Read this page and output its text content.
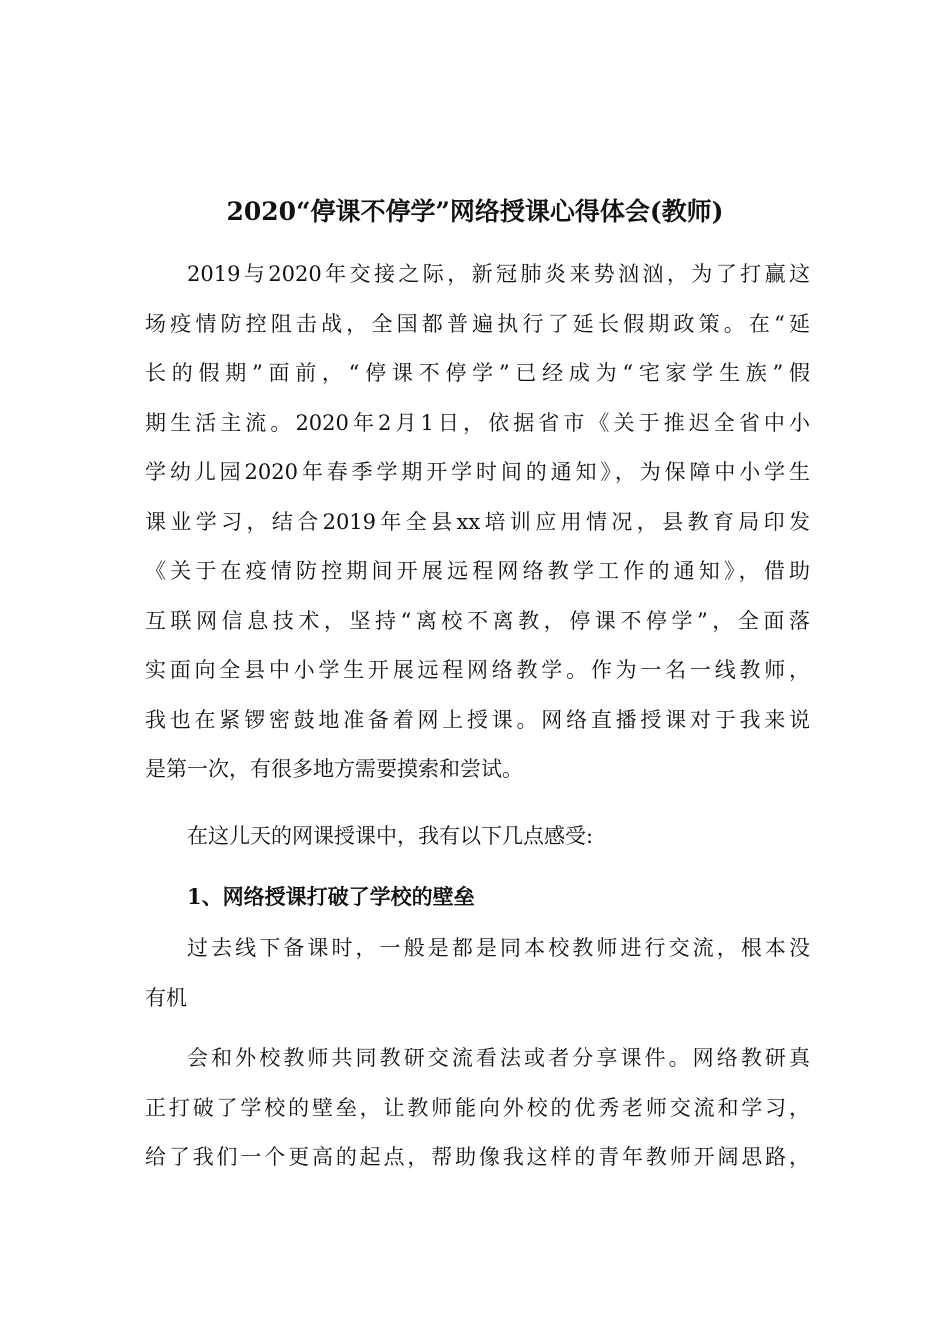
2020“停课不停学”网络授课心得体会(教师)
2019与2020年交接之际，新冠肺炎来势汹汹，为了打赢这
场疫情防控阻击战，全国都普遍执行了延长假期政策。在“延
长的假期”面前，“停课不停学”已经成为“宅家学生族”假
期生活主流。2020年2月1日，依据省市《关于推迟全省中小
学幼儿园2020年春季学期开学时间的通知》，为保障中小学生
课业学习，结合2019年全县xx培训应用情况，县教育局印发
《关于在疫情防控期间开展远程网络教学工作的通知》，借助
互联网信息技术，坚持“离校不离教，停课不停学”，全面落
实面向全县中小学生开展远程网络教学。作为一名一线教师，
我也在紧锣密鼓地准备着网上授课。网络直播授课对于我来说
是第一次，有很多地方需要摸索和尝试。

在这儿天的网课授课中，我有以下几点感受:

1、网络授课打破了学校的壁垒
过去线下备课时，一般是都是同本校教师进行交流，根本没
有机
会和外校教师共同教研交流看法或者分享课件。网络教研真
正打破了学校的壁垒，让教师能向外校的优秀老师交流和学习，
给了我们一个更高的起点，帮助像我这样的青年教师开阔思路，
